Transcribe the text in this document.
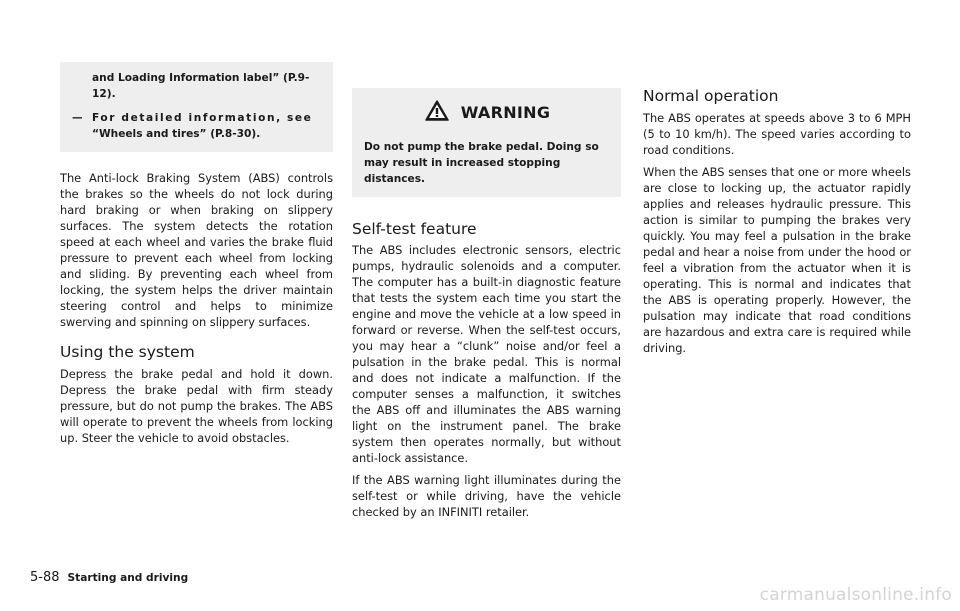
and Loading Information label” (P.9-
12).
— For detailed information, see
“Wheels and tires” (P.8-30).

The Anti-lock Braking System (ABS) controls the brakes so the wheels do not lock during hard braking or when braking on slippery surfaces. The system detects the rotation speed at each wheel and varies the brake fluid pressure to prevent each wheel from locking and sliding. By preventing each wheel from locking, the system helps the driver maintain steering control and helps to minimize swerving and spinning on slippery surfaces.

Using the system

Depress the brake pedal and hold it down. Depress the brake pedal with firm steady pressure, but do not pump the brakes. The ABS will operate to prevent the wheels from locking up. Steer the vehicle to avoid obstacles.

WARNING

Do not pump the brake pedal. Doing so may result in increased stopping distances.

Self-test feature

The ABS includes electronic sensors, electric pumps, hydraulic solenoids and a computer. The computer has a built-in diagnostic feature that tests the system each time you start the engine and move the vehicle at a low speed in forward or reverse. When the self-test occurs, you may hear a “clunk” noise and/or feel a pulsation in the brake pedal. This is normal and does not indicate a malfunction. If the computer senses a malfunction, it switches the ABS off and illuminates the ABS warning light on the instrument panel. The brake system then operates normally, but without anti-lock assistance.

If the ABS warning light illuminates during the self-test or while driving, have the vehicle checked by an INFINITI retailer.

Normal operation

The ABS operates at speeds above 3 to 6 MPH (5 to 10 km/h). The speed varies according to road conditions.

When the ABS senses that one or more wheels are close to locking up, the actuator rapidly applies and releases hydraulic pressure. This action is similar to pumping the brakes very quickly. You may feel a pulsation in the brake pedal and hear a noise from under the hood or feel a vibration from the actuator when it is operating. This is normal and indicates that the ABS is operating properly. However, the pulsation may indicate that road conditions are hazardous and extra care is required while driving.

5-88 Starting and driving
carmanualsonline.info
